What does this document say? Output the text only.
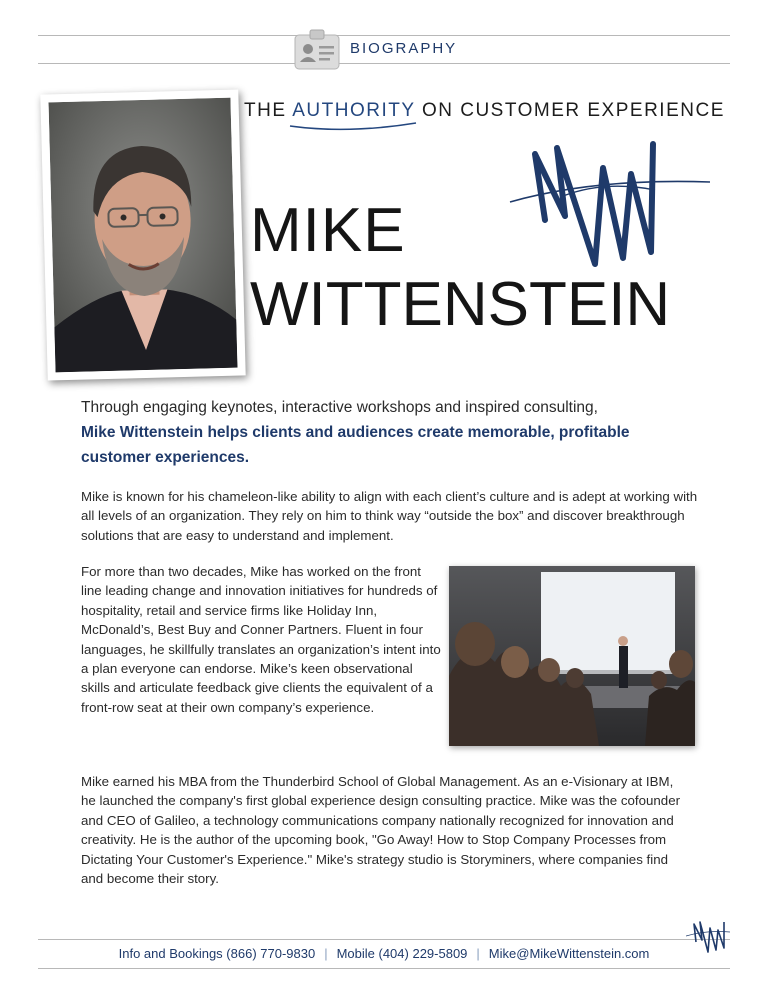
BIOGRAPHY
THE AUTHORITY ON CUSTOMER EXPERIENCE
MIKE
WITTENSTEIN
Through engaging keynotes, interactive workshops and inspired consulting,
Mike Wittenstein helps clients and audiences create memorable, profitable customer experiences.
Mike is known for his chameleon-like ability to align with each client’s culture and is adept at working with all levels of an organization. They rely on him to think way “outside the box” and discover breakthrough solutions that are easy to understand and implement.
For more than two decades, Mike has worked on the front line leading change and innovation initiatives for hundreds of hospitality, retail and service firms like Holiday Inn, McDonald’s, Best Buy and Conner Partners. Fluent in four languages, he skillfully translates an organization’s intent into a plan everyone can endorse. Mike’s keen observational skills and articulate feedback give clients the equivalent of a front-row seat at their own company’s experience.
Mike earned his MBA from the Thunderbird School of Global Management. As an e-Visionary at IBM, he launched the company's first global experience design consulting practice. Mike was the cofounder and CEO of Galileo, a technology communications company nationally recognized for innovation and creativity. He is the author of the upcoming book, "Go Away! How to Stop Company Processes from Dictating Your Customer's Experience." Mike's strategy studio is Storyminers, where companies find and become their story.
Info and Bookings (866) 770-9830 | Mobile (404) 229-5809 | Mike@MikeWittenstein.com
